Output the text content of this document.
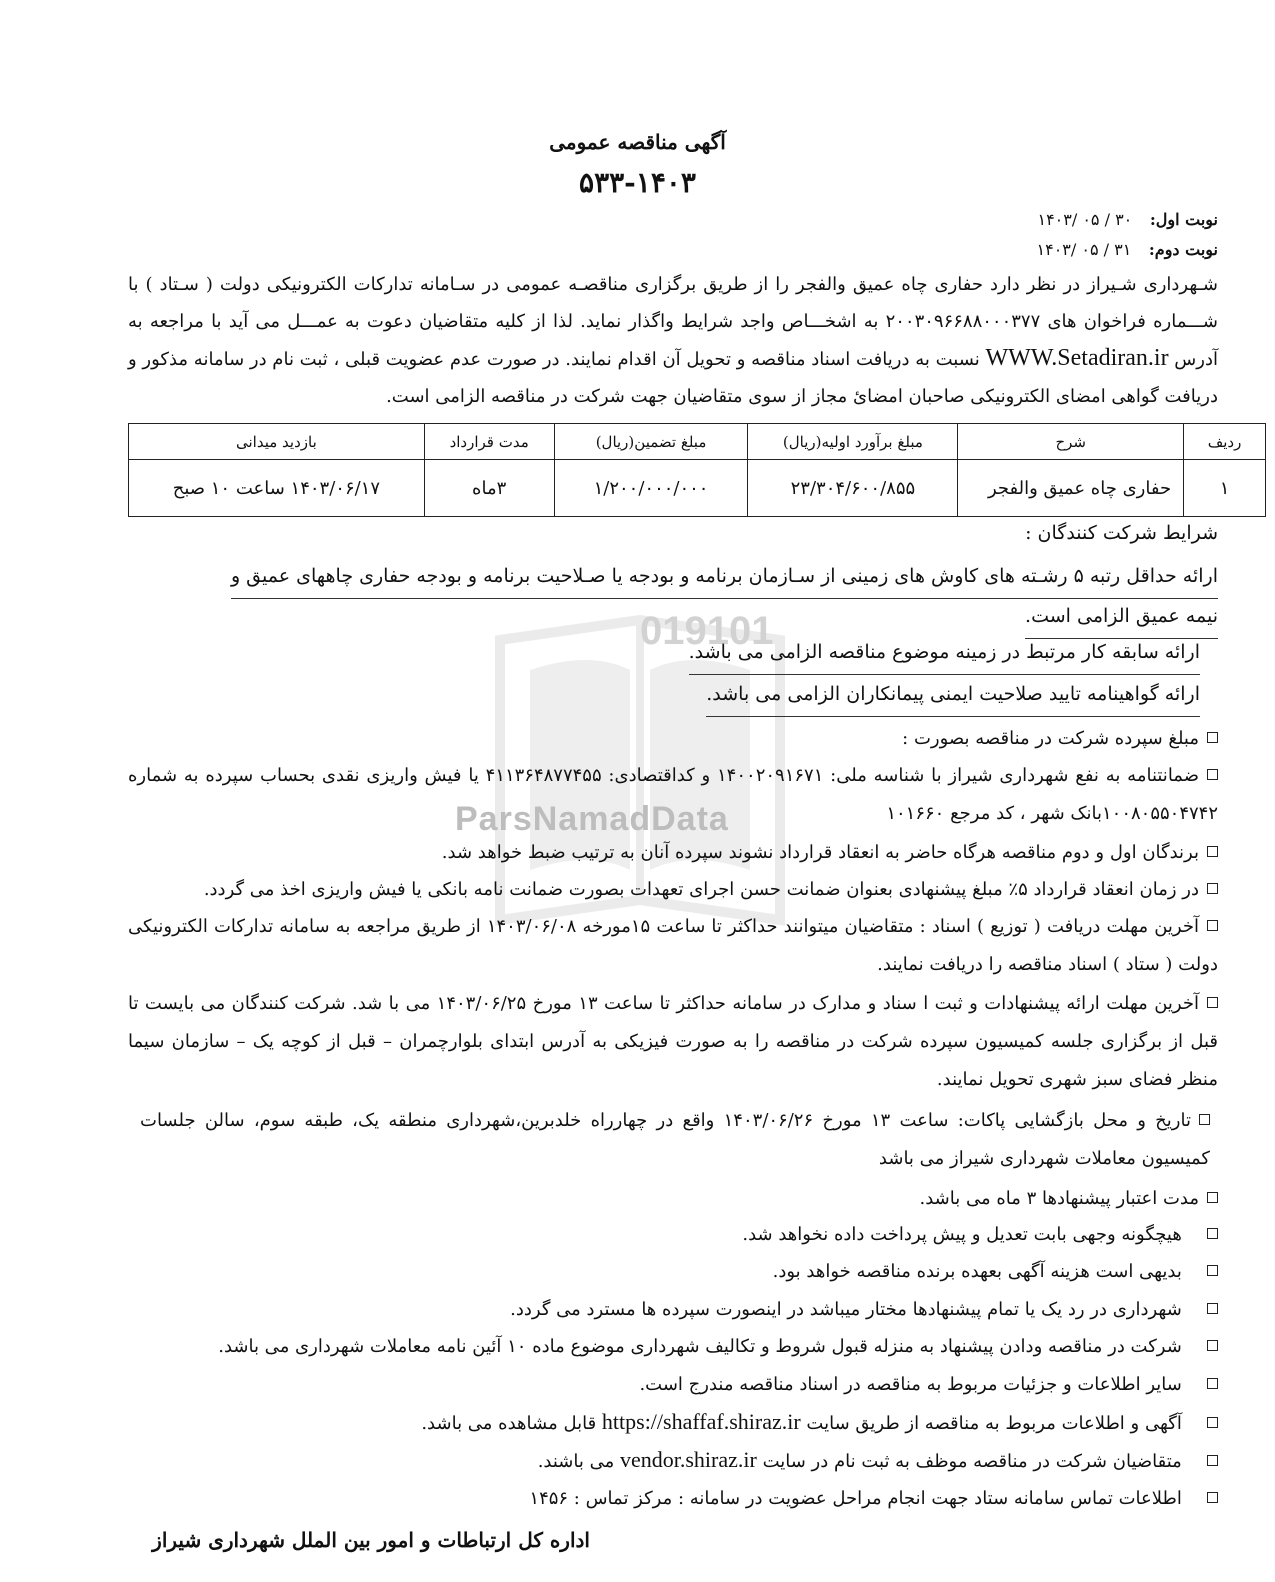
019101
ParsNamadData
آگهی مناقصه عمومی
۵۳۳-۱۴۰۳
نوبت اول: ۳۰ / ۰۵ /۱۴۰۳
نوبت دوم: ۳۱ / ۰۵ /۱۴۰۳
شـهرداری شـیراز در نظر دارد حفاری چاه عمیق والفجر را از طریق برگزاری مناقصـه عمومی در سـامانه تدارکات الکترونیکی دولت ( سـتاد ) با شـــماره فراخوان های ۲۰۰۳۰۹۶۶۸۸۰۰۰۳۷۷ به اشخـــاص واجد شرایط واگذار نماید. لذا از کلیه متقاضیان دعوت به عمـــل می آید با مراجعه به آدرس WWW.Setadiran.ir نسبت به دریافت اسناد مناقصه و تحویل آن اقدام نمایند. در صورت عدم عضویت قبلی ، ثبت نام در سامانه مذکور و دریافت گواهی امضای الکترونیکی صاحبان امضائ مجاز از سوی متقاضیان جهت شرکت در مناقصه الزامی است.
ردیف	شرح	مبلغ برآورد اولیه(ریال)	مبلغ تضمین(ریال)	مدت قرارداد	بازدید میدانی
۱	حفاری چاه عمیق والفجر	۲۳/۳۰۴/۶۰۰/۸۵۵	۱/۲۰۰/۰۰۰/۰۰۰	۳ماه	۱۴۰۳/۰۶/۱۷ ساعت ۱۰ صبح
شرایط شرکت کنندگان :
ارائه حداقل رتبه ۵ رشـته های کاوش های زمینی از سـازمان برنامه و بودجه یا صـلاحیت برنامه و بودجه حفاری چاههای عمیق و
نیمه عمیق الزامی است.
ارائه سابقه کار مرتبط در زمینه موضوع مناقصه الزامی می باشد.
ارائه گواهینامه تایید صلاحیت ایمنی پیمانکاران الزامی می باشد.
مبلغ سپرده شرکت در مناقصه بصورت :
ضمانتنامه به نفع شهرداری شیراز با شناسه ملی: ۱۴۰۰۲۰۹۱۶۷۱ و کداقتصادی: ۴۱۱۳۶۴۸۷۷۴۵۵ یا فیش واریزی نقدی بحساب سپرده به شماره ۱۰۰۸۰۵۵۰۴۷۴۲بانک شهر ، کد مرجع ۱۰۱۶۶۰
برندگان اول و دوم مناقصه هرگاه حاضر به انعقاد قرارداد نشوند سپرده آنان به ترتیب ضبط خواهد شد.
در زمان انعقاد قرارداد ۵٪ مبلغ پیشنهادی بعنوان ضمانت حسن اجرای تعهدات بصورت ضمانت نامه بانکی یا فیش واریزی اخذ می گردد.
آخرین مهلت دریافت ( توزیع ) اسناد : متقاضیان میتوانند حداکثر تا ساعت ۱۵مورخه ۱۴۰۳/۰۶/۰۸ از طریق مراجعه به سامانه تدارکات الکترونیکی دولت ( ستاد ) اسناد مناقصه را دریافت نمایند.
آخرین مهلت ارائه پیشنهادات و ثبت ا سناد و مدارک در سامانه حداکثر تا ساعت ۱۳ مورخ ۱۴۰۳/۰۶/۲۵ می با شد. شرکت کنندگان می بایست تا قبل از برگزاری جلسه کمیسیون سپرده شرکت در مناقصه را به صورت فیزیکی به آدرس ابتدای بلوارچمران – قبل از کوچه یک – سازمان سیما منظر فضای سبز شهری تحویل نمایند.
تاریخ و محل بازگشایی پاکات: ساعت ۱۳ مورخ ۱۴۰۳/۰۶/۲۶ واقع در چهارراه خلدبرین،شهرداری منطقه یک، طبقه سوم، سالن جلسات کمیسیون معاملات شهرداری شیراز می باشد
مدت اعتبار پیشنهادها ۳ ماه می باشد.
هیچگونه وجهی بابت تعدیل و پیش پرداخت داده نخواهد شد.
بدیهی است هزینه آگهی بعهده برنده مناقصه خواهد بود.
شهرداری در رد یک یا تمام پیشنهادها مختار میباشد در اینصورت سپرده ها مسترد می گردد.
شرکت در مناقصه ودادن پیشنهاد به منزله قبول شروط و تکالیف شهرداری موضوع ماده ۱۰ آئین نامه معاملات شهرداری می باشد.
سایر اطلاعات و جزئیات مربوط به مناقصه در اسناد مناقصه مندرج است.
آگهی و اطلاعات مربوط به مناقصه از طریق سایت https://shaffaf.shiraz.ir قابل مشاهده می باشد.
متقاضیان شرکت در مناقصه موظف به ثبت نام در سایت vendor.shiraz.ir می باشند.
اطلاعات تماس سامانه ستاد جهت انجام مراحل عضویت در سامانه : مرکز تماس : ۱۴۵۶
اداره کل ارتباطات و امور بین الملل شهرداری شیراز
